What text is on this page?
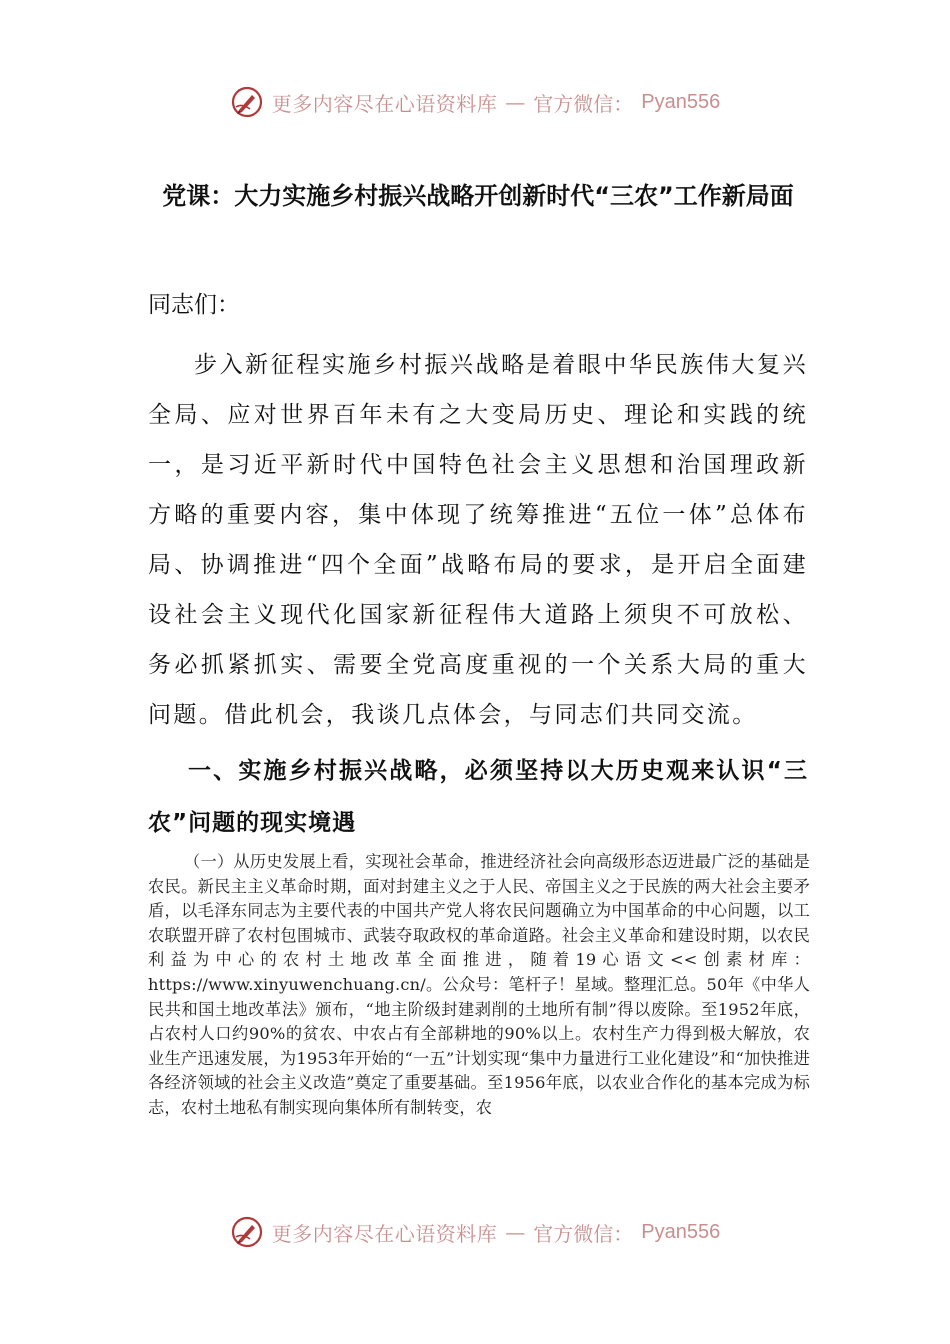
更多内容尽在心语资料库 — 官方微信： Pyan556
党课：大力实施乡村振兴战略开创新时代“三农”工作新局面
同志们：
步入新征程实施乡村振兴战略是着眼中华民族伟大复兴全局、应对世界百年未有之大变局历史、理论和实践的统一，是习近平新时代中国特色社会主义思想和治国理政新方略的重要内容，集中体现了统筹推进“五位一体”总体布局、协调推进“四个全面”战略布局的要求，是开启全面建设社会主义现代化国家新征程伟大道路上须臾不可放松、务必抓紧抓实、需要全党高度重视的一个关系大局的重大问题。借此机会，我谈几点体会，与同志们共同交流。
一、实施乡村振兴战略，必须坚持以大历史观来认识“三农”问题的现实境遇
（一）从历史发展上看，实现社会革命，推进经济社会向高级形态迈进最广泛的基础是农民。新民主主义革命时期，面对封建主义之于人民、帝国主义之于民族的两大社会主要矛盾，以毛泽东同志为主要代表的中国共产党人将农民问题确立为中国革命的中心问题，以工农联盟开辟了农村包围城市、武装夺取政权的革命道路。社会主义革命和建设时期，以农民利益为中心的农村土地改革全面推进，随着19心语文<<创素材库：https://www.xinyuwenchuang.cn/。公众号：笔杆子！星域。整理汇总。50年《中华人民共和国土地改革法》颁布，“地主阶级封建剥削的土地所有制”得以废除。至1952年底，占农村人口约90%的贫农、中农占有全部耕地的90%以上。农村生产力得到极大解放，农业生产迅速发展，为1953年开始的“一五”计划实现“集中力量进行工业化建设”和“加快推进各经济领域的社会主义改造”奠定了重要基础。至1956年底，以农业合作化的基本完成为标志，农村土地私有制实现向集体所有制转变，农
更多内容尽在心语资料库 — 官方微信： Pyan556
